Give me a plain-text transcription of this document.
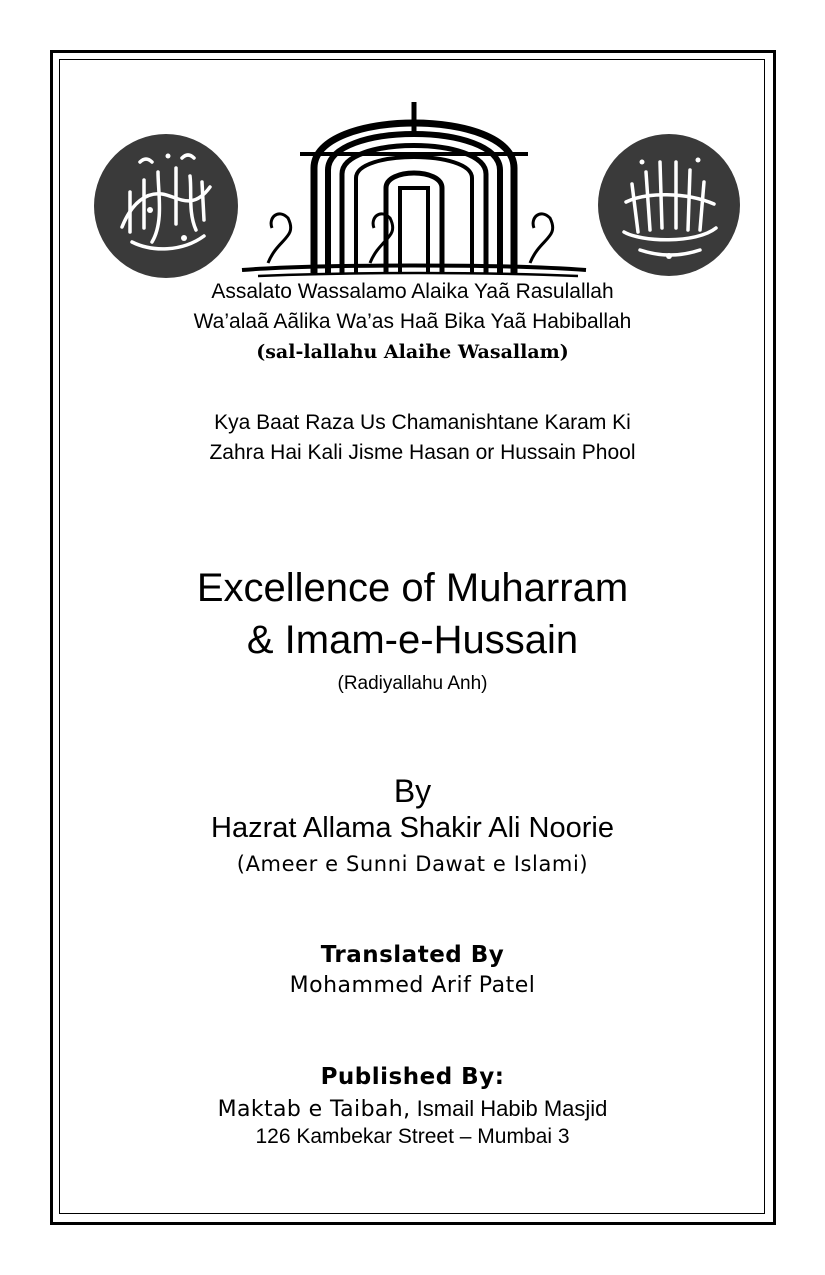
Assalato Wassalamo Alaika Yaã Rasulallah
Wa’alaã Aãlika Wa’as Haã Bika Yaã Habiballah
(sal-lallahu Alaihe Wasallam)
Kya Baat Raza Us Chamanishtane Karam Ki
Zahra Hai Kali Jisme Hasan or Hussain Phool
Excellence of Muharram
& Imam-e-Hussain
(Radiyallahu Anh)
By
Hazrat Allama Shakir Ali Noorie
(Ameer e Sunni Dawat e Islami)
Translated By
Mohammed Arif Patel
Published By:
Maktab e Taibah, Ismail Habib Masjid
126 Kambekar Street – Mumbai 3
